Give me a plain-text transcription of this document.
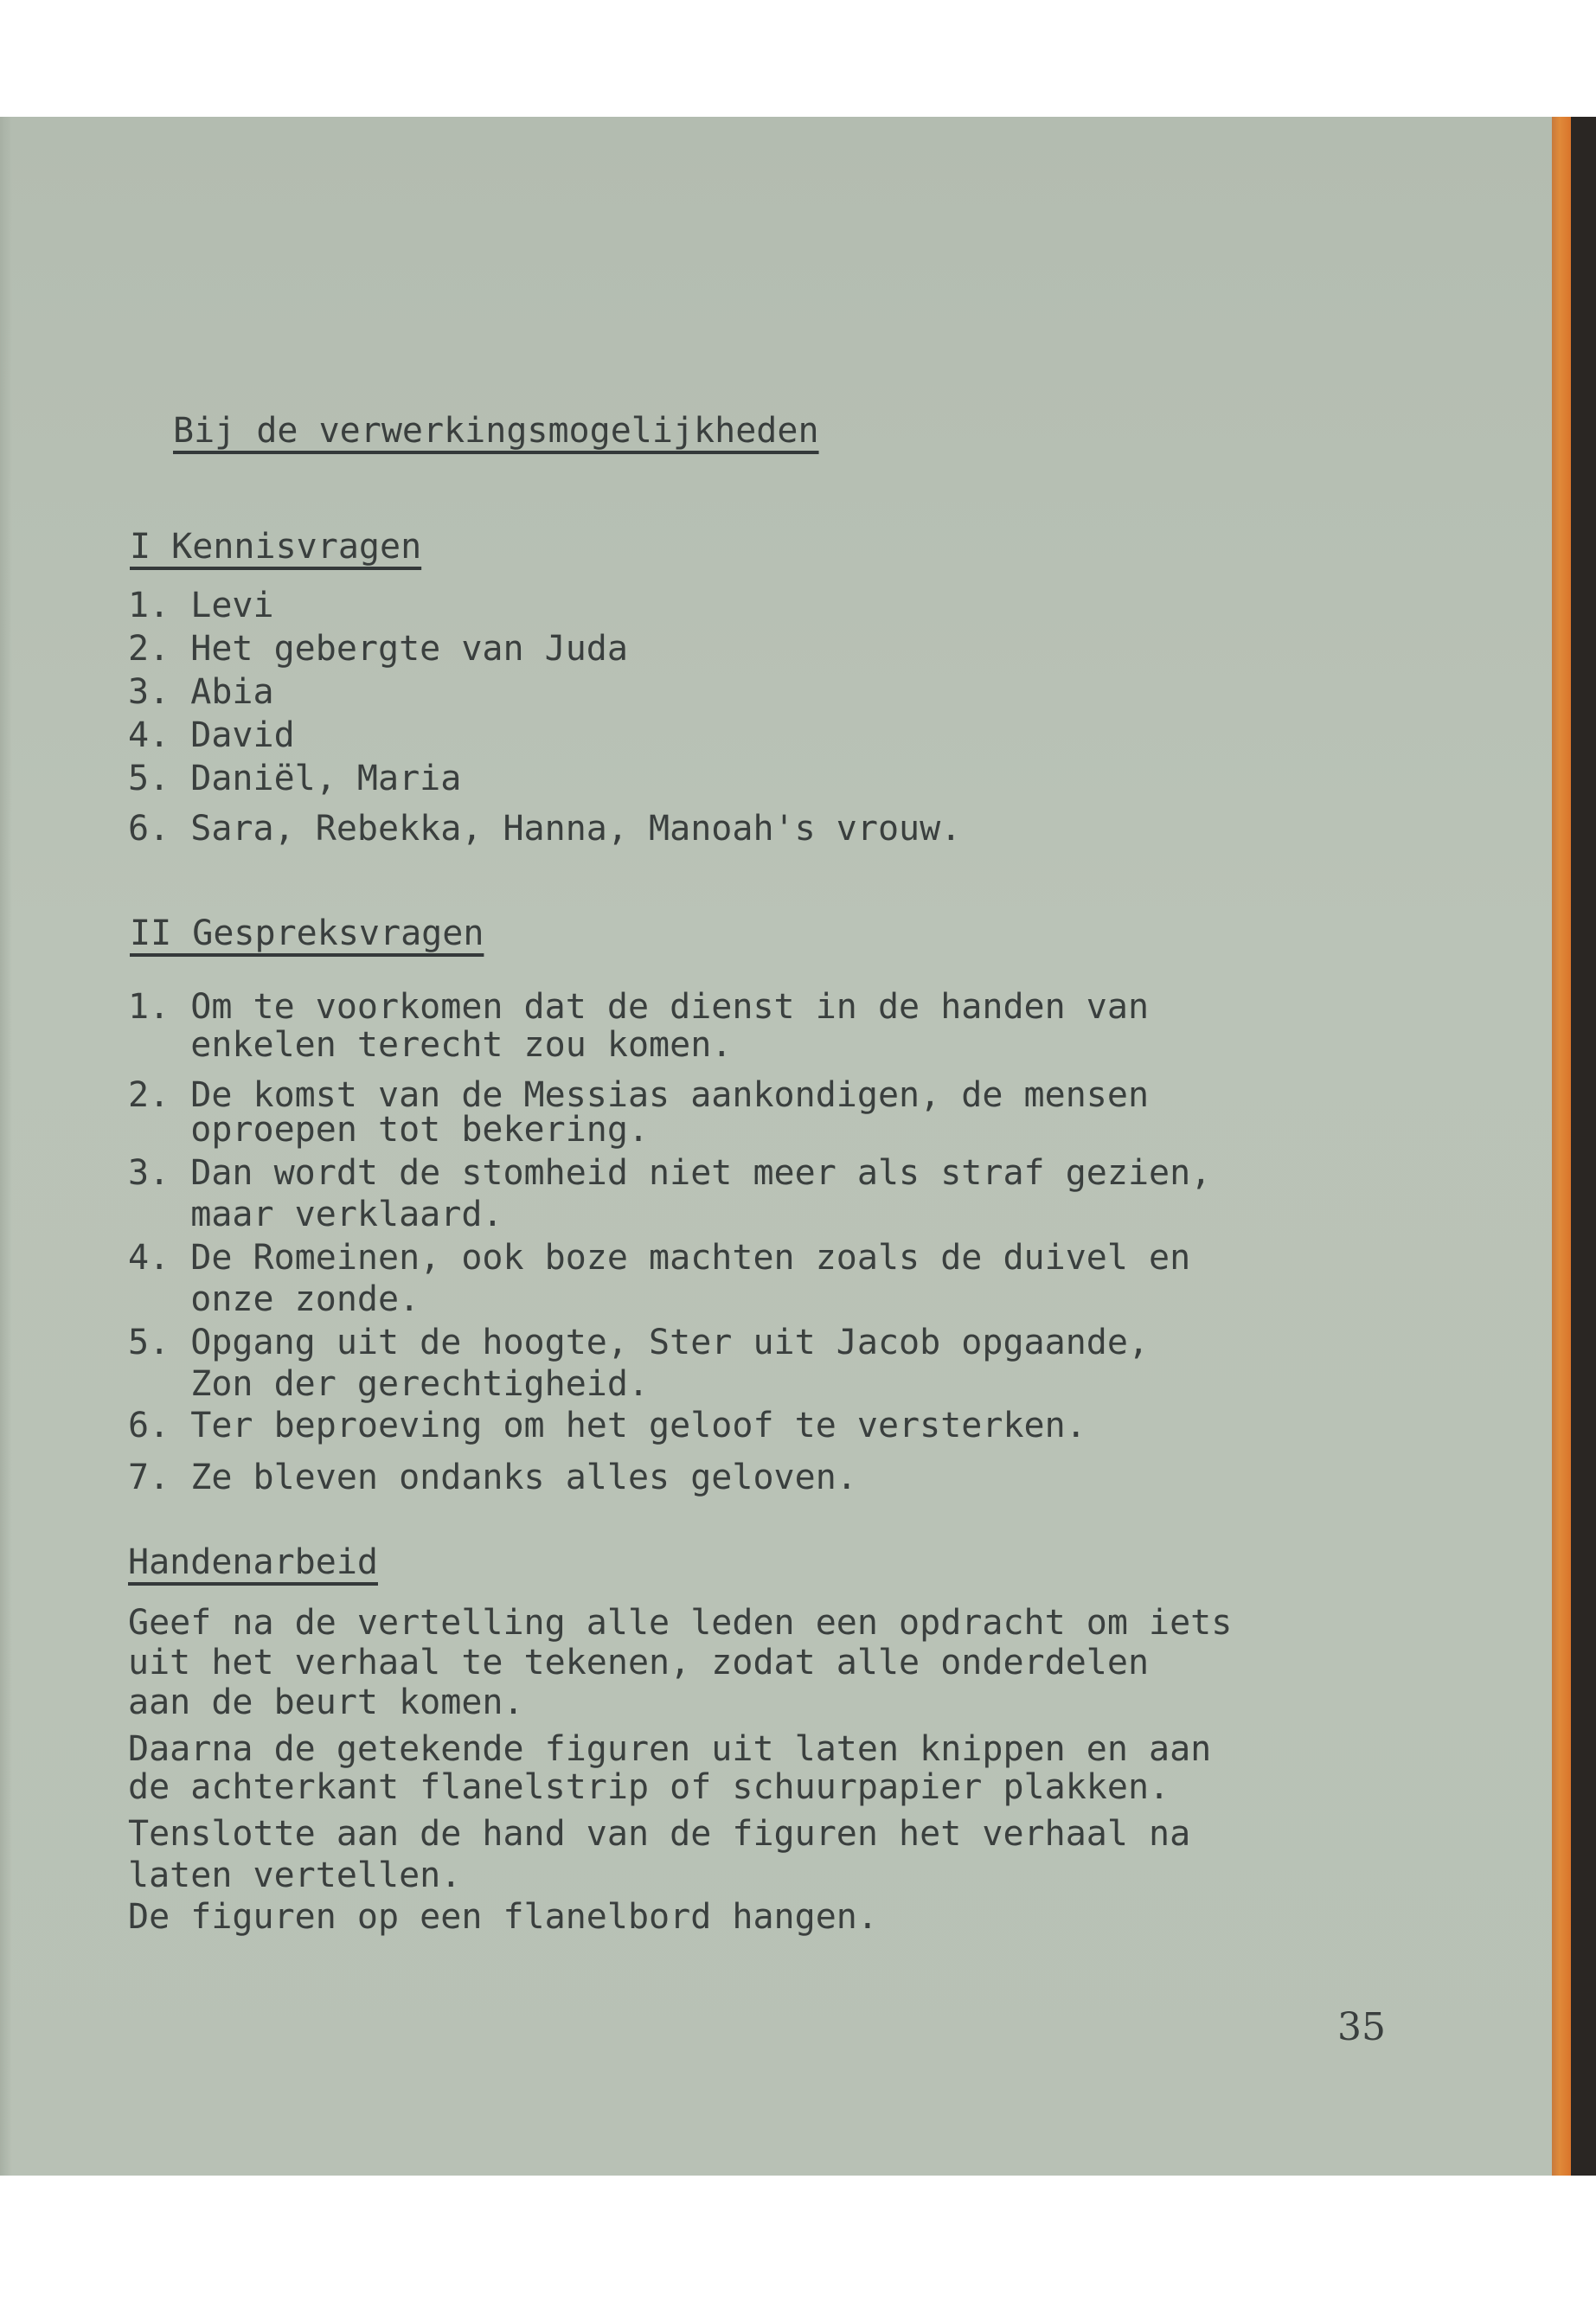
Bij de verwerkingsmogelijkheden

I Kennisvragen

1. Levi

2. Het gebergte van Juda

3. Abia

4. David

5. Daniël, Maria

6. Sara, Rebekka, Hanna, Manoah's vrouw.

II Gespreksvragen

1. Om te voorkomen dat de dienst in de handen van

enkelen terecht zou komen.

2. De komst van de Messias aankondigen, de mensen

oproepen tot bekering.

3. Dan wordt de stomheid niet meer als straf gezien,

maar verklaard.

4. De Romeinen, ook boze machten zoals de duivel en

onze zonde.

5. Opgang uit de hoogte, Ster uit Jacob opgaande,

Zon der gerechtigheid.

6. Ter beproeving om het geloof te versterken.

7. Ze bleven ondanks alles geloven.

Handenarbeid

Geef na de vertelling alle leden een opdracht om iets

uit het verhaal te tekenen, zodat alle onderdelen

aan de beurt komen.

Daarna de getekende figuren uit laten knippen en aan

de achterkant flanelstrip of schuurpapier plakken.

Tenslotte aan de hand van de figuren het verhaal na

laten vertellen.

De figuren op een flanelbord hangen.

35
